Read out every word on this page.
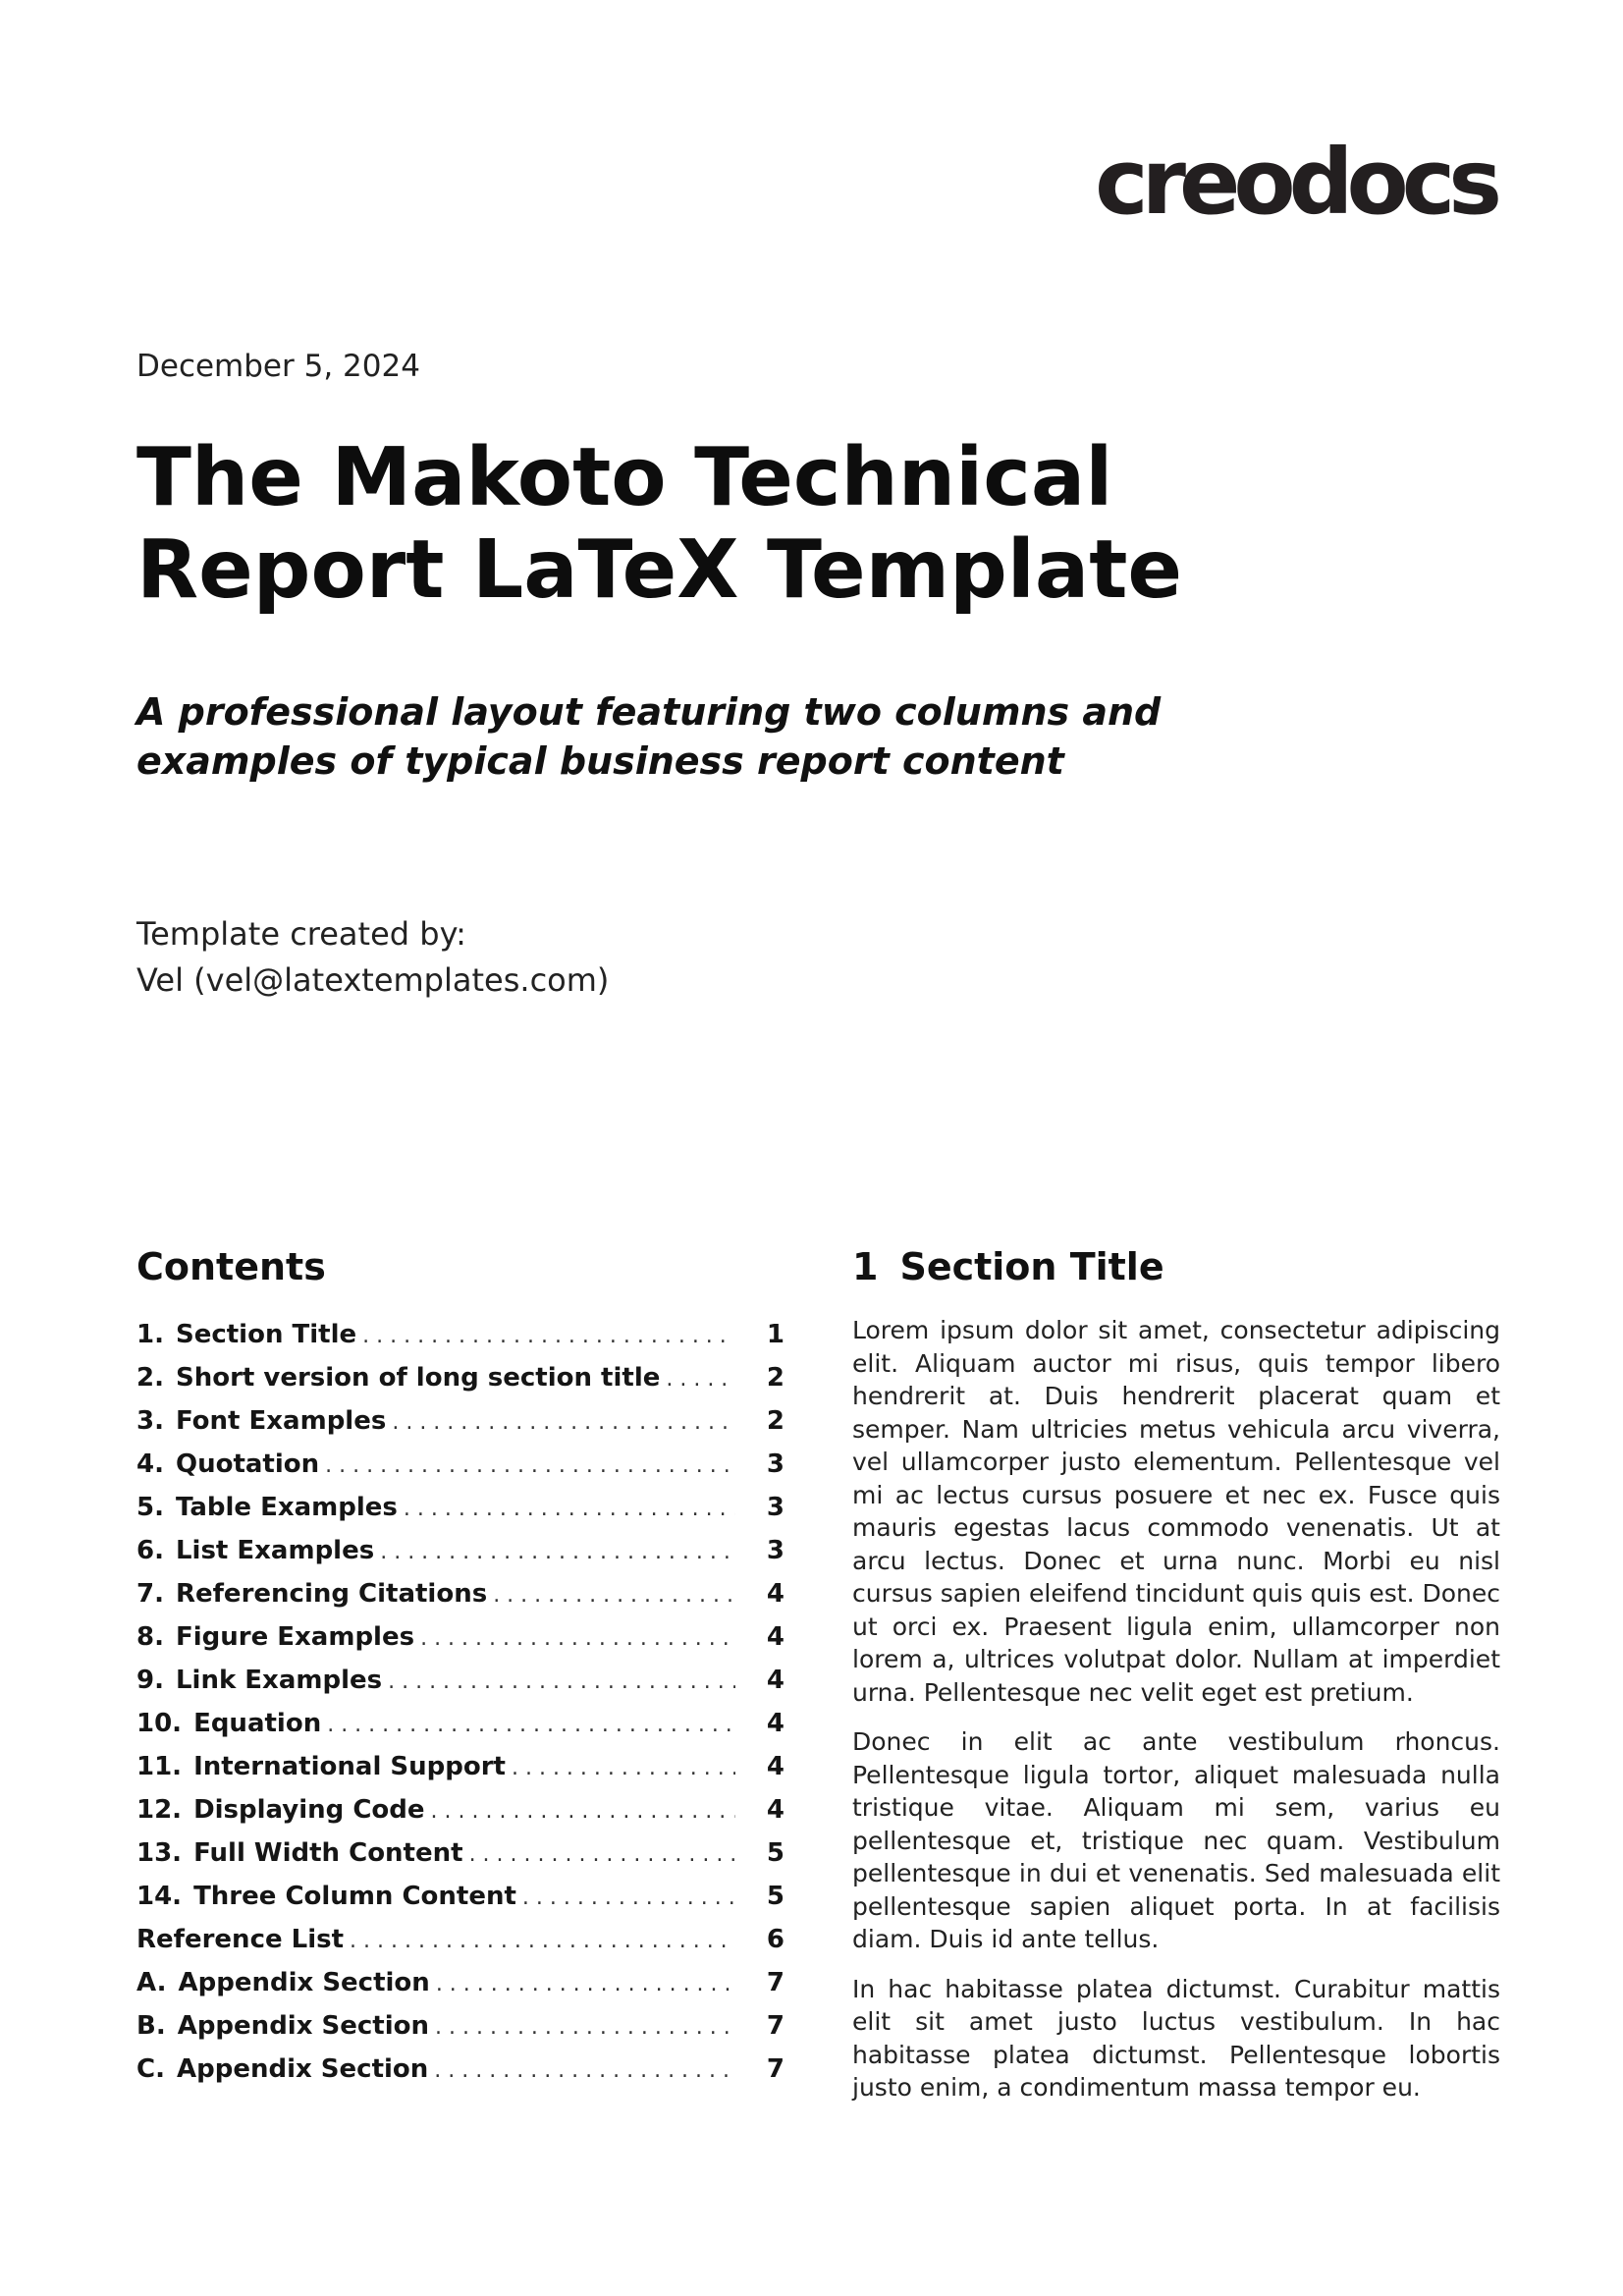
creodocs
December 5, 2024
The Makoto Technical
Report LaTeX Template
A professional layout featuring two columns and
examples of typical business report content
Template created by:
Vel (vel@latextemplates.com)
Contents
1. Section Title . . .	1
2. Short version of long section title . . .	2
3. Font Examples . . .	2
4. Quotation . . .	3
5. Table Examples . . .	3
6. List Examples . . .	3
7. Referencing Citations . . .	4
8. Figure Examples . . .	4
9. Link Examples . . .	4
10. Equation . . .	4
11. International Support . . .	4
12. Displaying Code . . .	4
13. Full Width Content . . .	5
14. Three Column Content . . .	5
Reference List . . .	6
A. Appendix Section . . .	7
B. Appendix Section . . .	7
C. Appendix Section . . .	7
1 Section Title

Lorem ipsum dolor sit amet, consectetur adipiscing elit. Aliquam auctor mi risus, quis tempor libero hendrerit at. Duis hendrerit placerat quam et semper. Nam ultricies metus vehicula arcu viverra, vel ullamcorper justo elementum. Pellentesque vel mi ac lectus cursus posuere et nec ex. Fusce quis mauris egestas lacus commodo venenatis. Ut at arcu lectus. Donec et urna nunc. Morbi eu nisl cursus sapien eleifend tincidunt quis quis est. Donec ut orci ex. Praesent ligula enim, ullamcorper non lorem a, ultrices volutpat dolor. Nullam at imperdiet urna. Pellentesque nec velit eget est pretium.

Donec in elit ac ante vestibulum rhoncus. Pellentesque ligula tortor, aliquet malesuada nulla tristique vitae. Aliquam mi sem, varius eu pellentesque et, tristique nec quam. Vestibulum pellentesque in dui et venenatis. Sed malesuada elit pellentesque sapien aliquet porta. In at facilisis diam. Duis id ante tellus.

In hac habitasse platea dictumst. Curabitur mattis elit sit amet justo luctus vestibulum. In hac habitasse platea dictumst. Pellentesque lobortis justo enim, a condimentum massa tempor eu.
